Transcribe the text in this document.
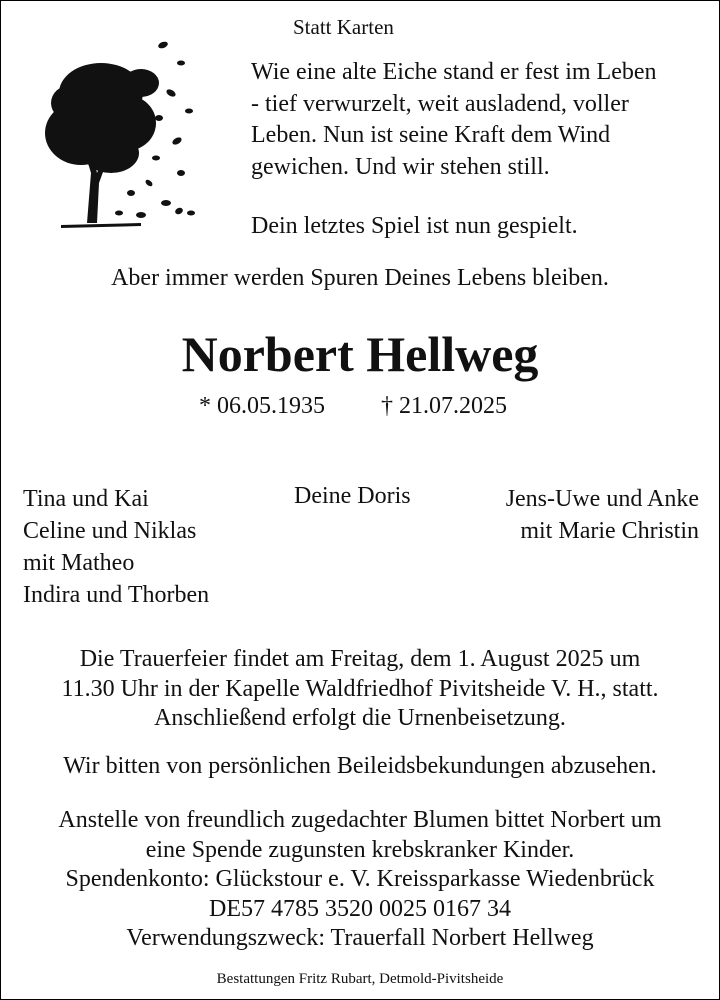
Statt Karten
Wie eine alte Eiche stand er fest im Leben
- tief verwurzelt, weit ausladend, voller
Leben. Nun ist seine Kraft dem Wind
gewichen. Und wir stehen still.
Dein letztes Spiel ist nun gespielt.
Aber immer werden Spuren Deines Lebens bleiben.
Norbert Hellweg
* 06.05.1935 † 21.07.2025
Tina und Kai
Celine und Niklas
mit Matheo
Indira und Thorben
Deine Doris	Jens-Uwe und Anke
mit Marie Christin
Die Trauerfeier findet am Freitag, dem 1. August 2025 um
11.30 Uhr in der Kapelle Waldfriedhof Pivitsheide V. H., statt.
Anschließend erfolgt die Urnenbeisetzung.
Wir bitten von persönlichen Beileidsbekundungen abzusehen.
Anstelle von freundlich zugedachter Blumen bittet Norbert um
eine Spende zugunsten krebskranker Kinder.
Spendenkonto: Glückstour e. V. Kreissparkasse Wiedenbrück
DE57 4785 3520 0025 0167 34
Verwendungszweck: Trauerfall Norbert Hellweg
Bestattungen Fritz Rubart, Detmold-Pivitsheide
